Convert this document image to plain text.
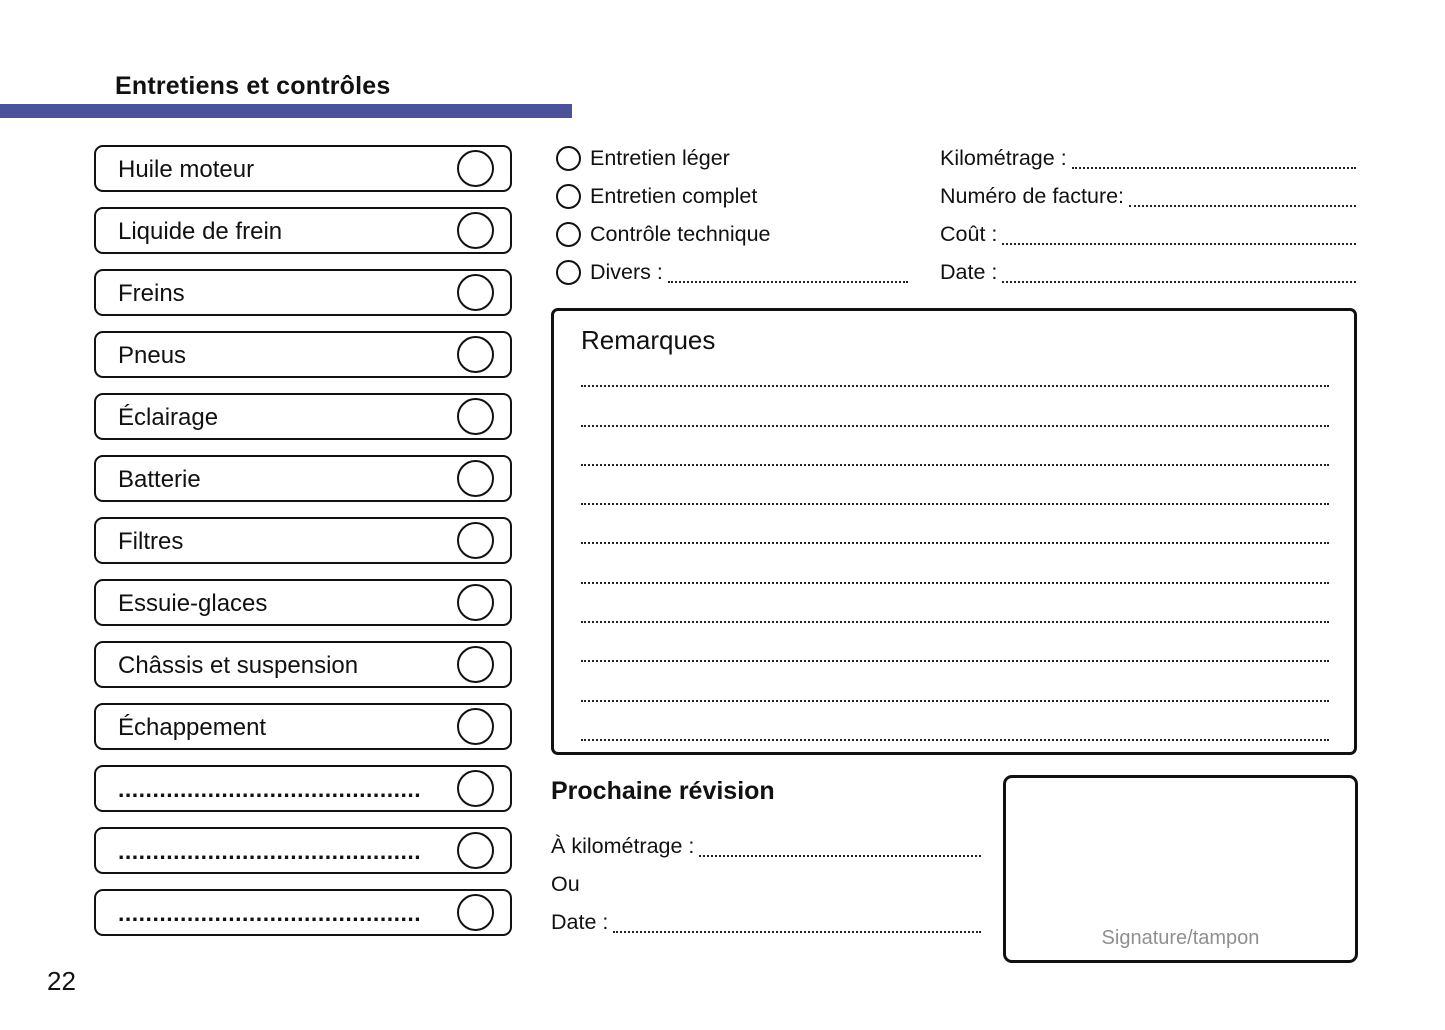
Entretiens et contrôles
Huile moteur
Liquide de frein
Freins
Pneus
Éclairage
Batterie
Filtres
Essuie-glaces
Châssis et suspension
Échappement
............................................
............................................
............................................
Entretien léger
Entretien complet
Contrôle technique
Divers :
Kilométrage :
Numéro de facture:
Coût :
Date :
Remarques
Prochaine révision
À kilométrage :
Ou
Date :
Signature/tampon
22
